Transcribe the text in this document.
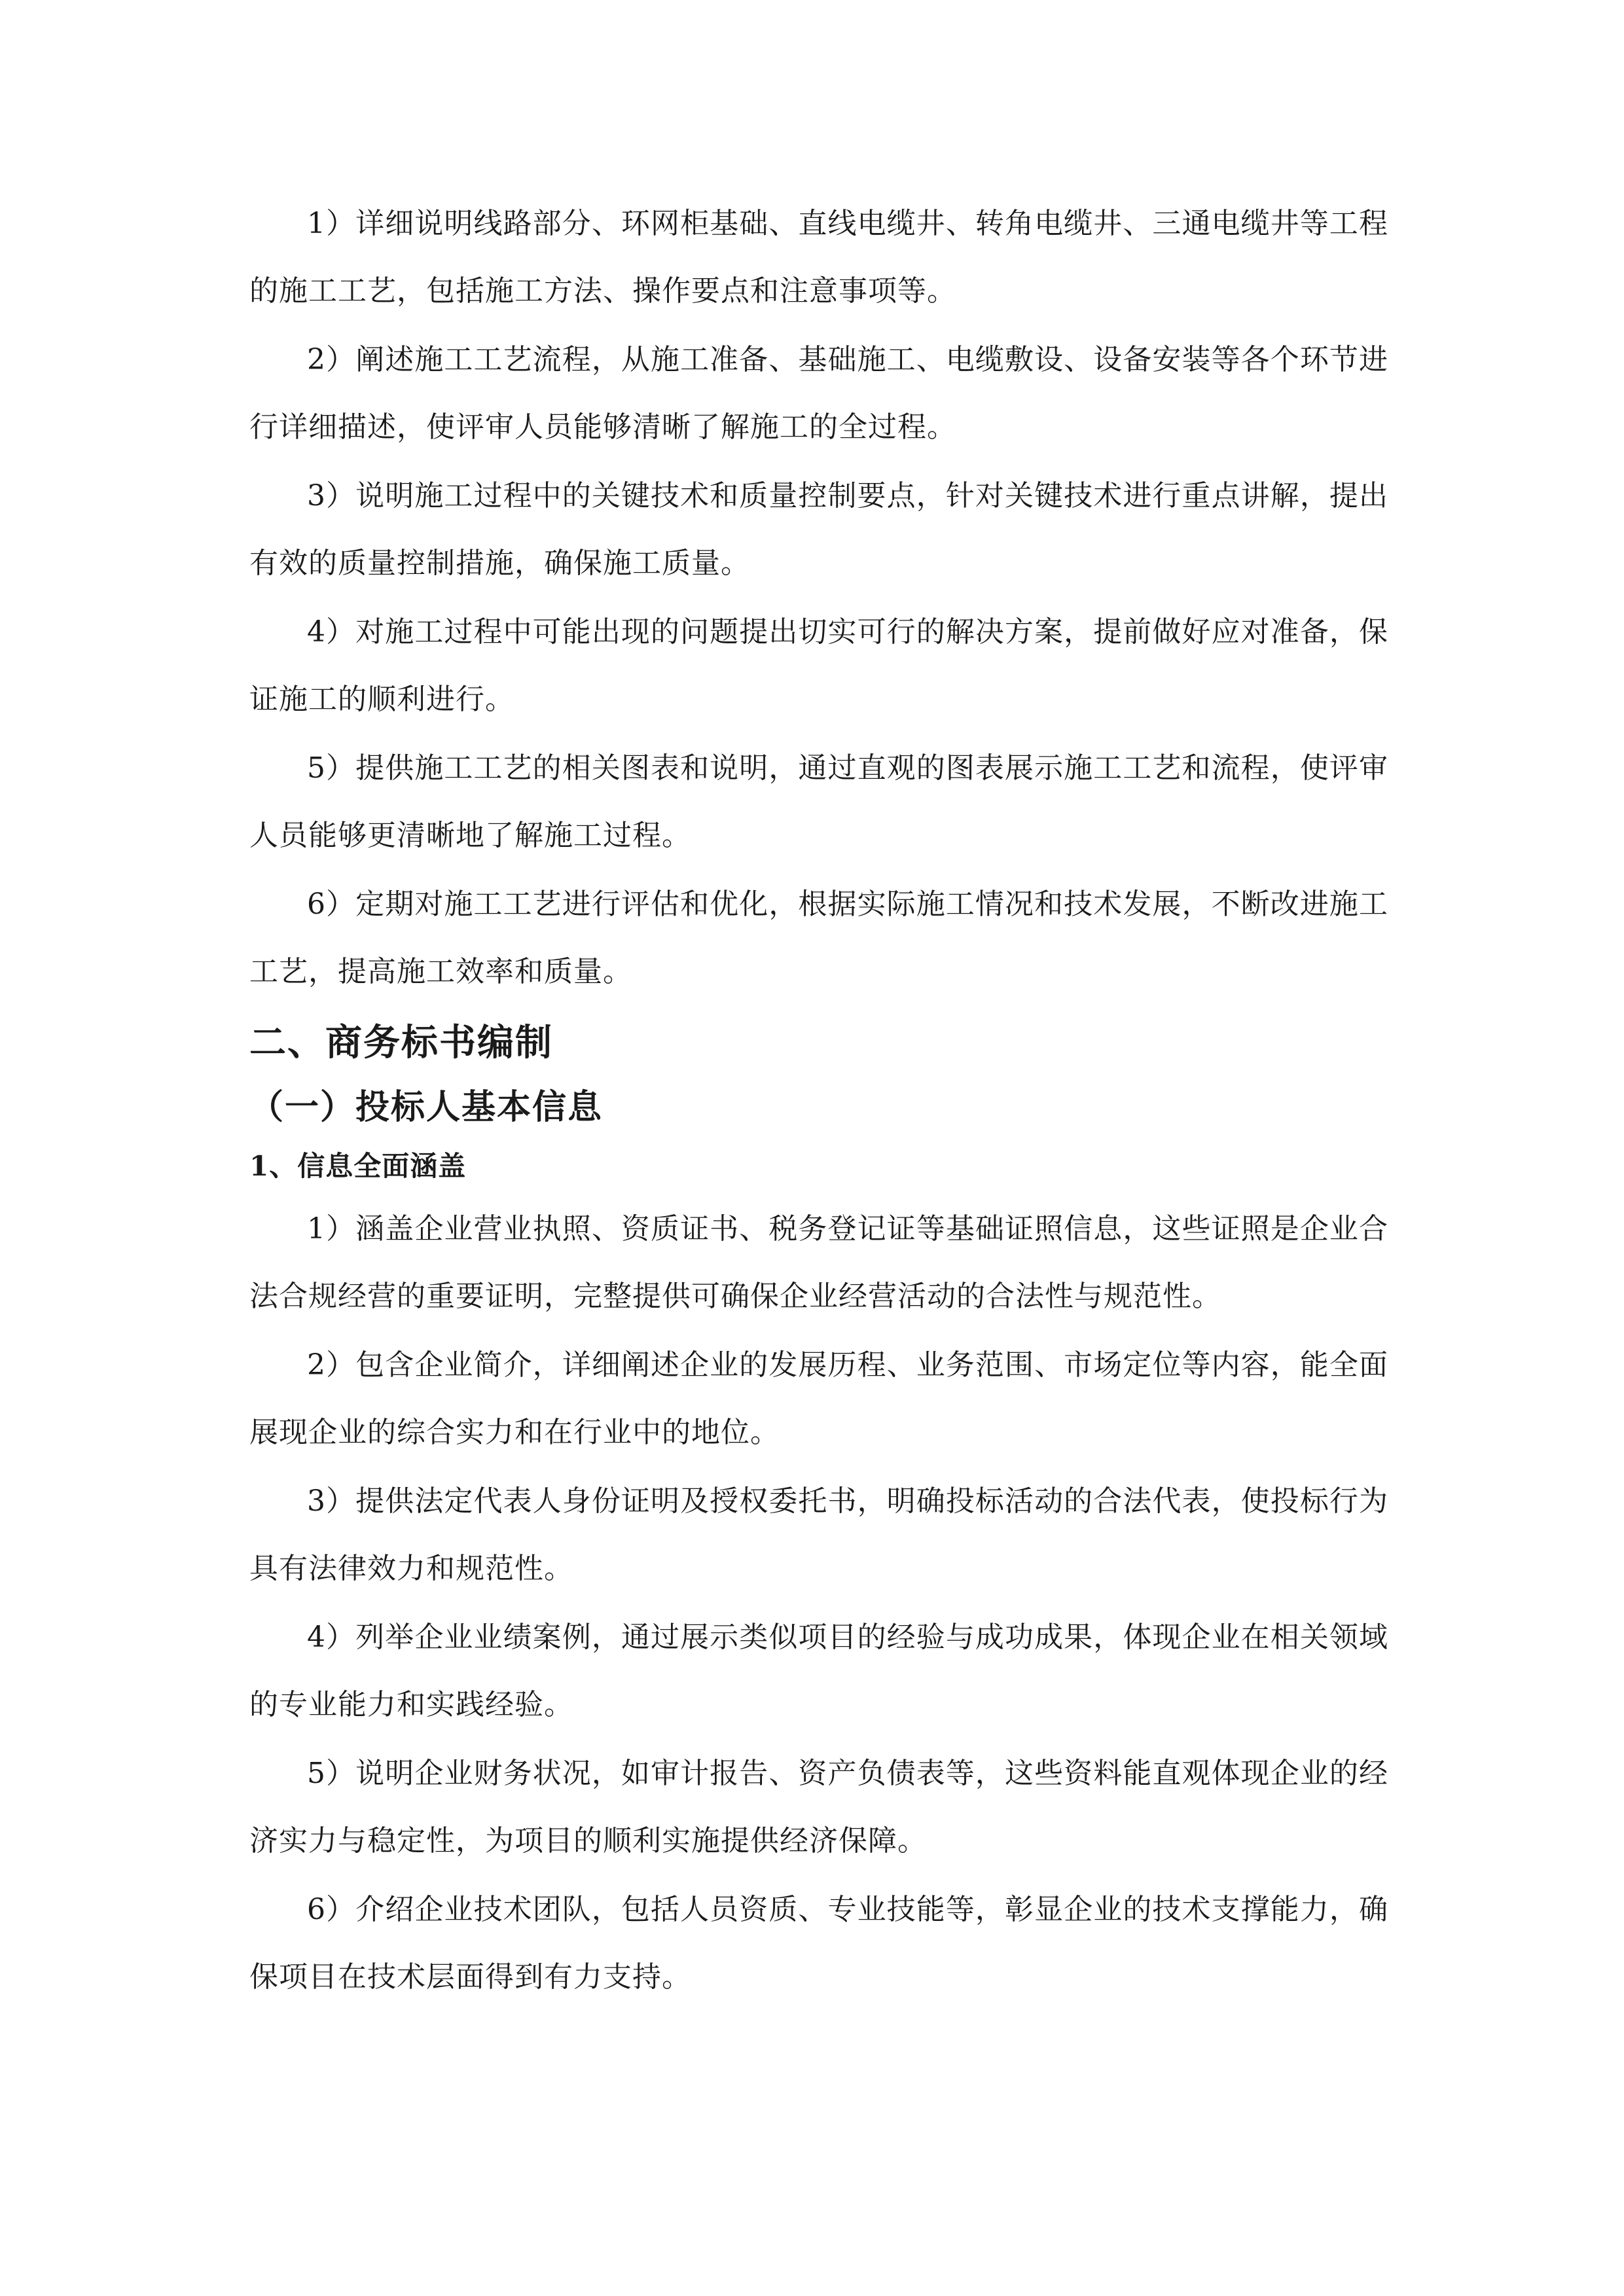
1）详细说明线路部分、环网柜基础、直线电缆井、转角电缆井、三通电缆井等工程的施工工艺，包括施工方法、操作要点和注意事项等。

2）阐述施工工艺流程，从施工准备、基础施工、电缆敷设、设备安装等各个环节进行详细描述，使评审人员能够清晰了解施工的全过程。

3）说明施工过程中的关键技术和质量控制要点，针对关键技术进行重点讲解，提出有效的质量控制措施，确保施工质量。

4）对施工过程中可能出现的问题提出切实可行的解决方案，提前做好应对准备，保证施工的顺利进行。

5）提供施工工艺的相关图表和说明，通过直观的图表展示施工工艺和流程，使评审人员能够更清晰地了解施工过程。

6）定期对施工工艺进行评估和优化，根据实际施工情况和技术发展，不断改进施工工艺，提高施工效率和质量。

二、商务标书编制
（一）投标人基本信息
1、信息全面涵盖

1）涵盖企业营业执照、资质证书、税务登记证等基础证照信息，这些证照是企业合法合规经营的重要证明，完整提供可确保企业经营活动的合法性与规范性。

2）包含企业简介，详细阐述企业的发展历程、业务范围、市场定位等内容，能全面展现企业的综合实力和在行业中的地位。

3）提供法定代表人身份证明及授权委托书，明确投标活动的合法代表，使投标行为具有法律效力和规范性。

4）列举企业业绩案例，通过展示类似项目的经验与成功成果，体现企业在相关领域的专业能力和实践经验。

5）说明企业财务状况，如审计报告、资产负债表等，这些资料能直观体现企业的经济实力与稳定性，为项目的顺利实施提供经济保障。

6）介绍企业技术团队，包括人员资质、专业技能等，彰显企业的技术支撑能力，确保项目在技术层面得到有力支持。
